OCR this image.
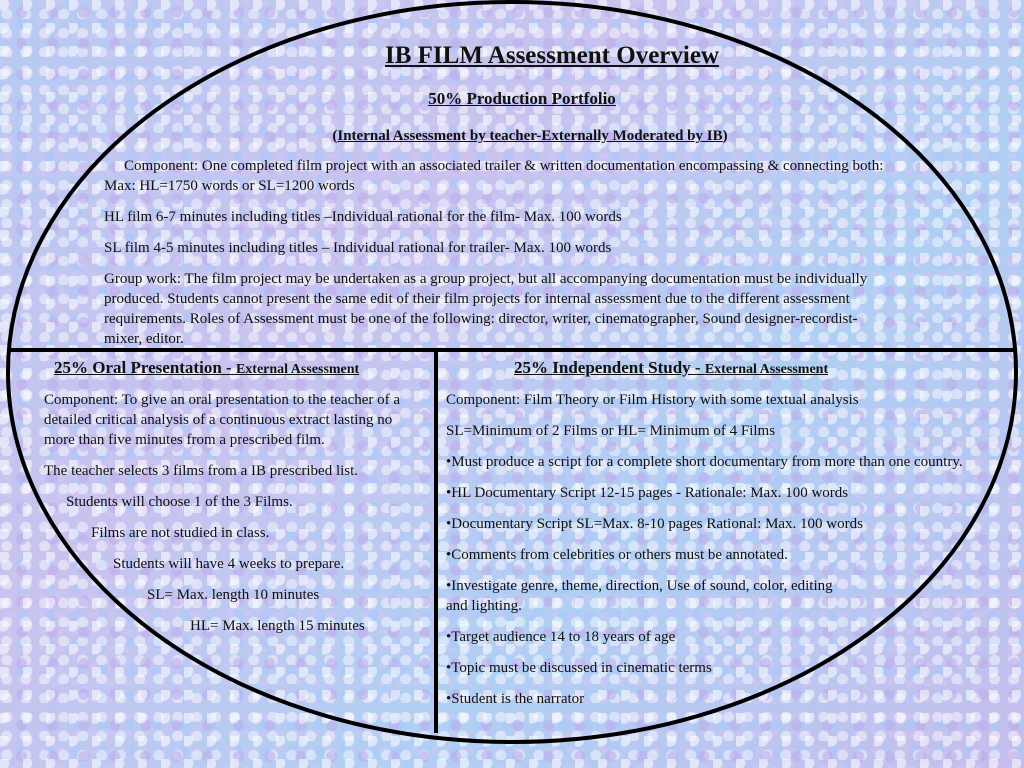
IB FILM Assessment Overview
50% Production Portfolio
(Internal Assessment by teacher-Externally Moderated by IB)

Component: One completed film project with an associated trailer & written documentation encompassing & connecting both: Max: HL=1750 words or SL=1200 words

HL film 6-7 minutes including titles –Individual rational for the film- Max. 100 words

SL film 4-5 minutes including titles – Individual rational for trailer- Max. 100 words

Group work: The film project may be undertaken as a group project, but all accompanying documentation must be individually produced. Students cannot present the same edit of their film projects for internal assessment due to the different assessment requirements. Roles of Assessment must be one of the following: director, writer, cinematographer, Sound designer-recordist- mixer, editor.

25% Oral Presentation - External Assessment

Component: To give an oral presentation to the teacher of a detailed critical analysis of a continuous extract lasting no more than five minutes from a prescribed film.

The teacher selects 3 films from a IB prescribed list.

Students will choose 1 of the 3 Films.

Films are not studied in class.

Students will have 4 weeks to prepare.

SL= Max. length 10 minutes

HL= Max. length 15 minutes

25% Independent Study - External Assessment

Component: Film Theory or Film History with some textual analysis

SL=Minimum of 2 Films or HL= Minimum of 4 Films

•Must produce a script for a complete short documentary from more than one country.

•HL Documentary Script 12-15 pages - Rationale: Max. 100 words

•Documentary Script SL=Max. 8-10 pages Rational: Max. 100 words

•Comments from celebrities or others must be annotated.

•Investigate genre, theme, direction, Use of sound, color, editing and lighting.

•Target audience 14 to 18 years of age

•Topic must be discussed in cinematic terms

•Student is the narrator
